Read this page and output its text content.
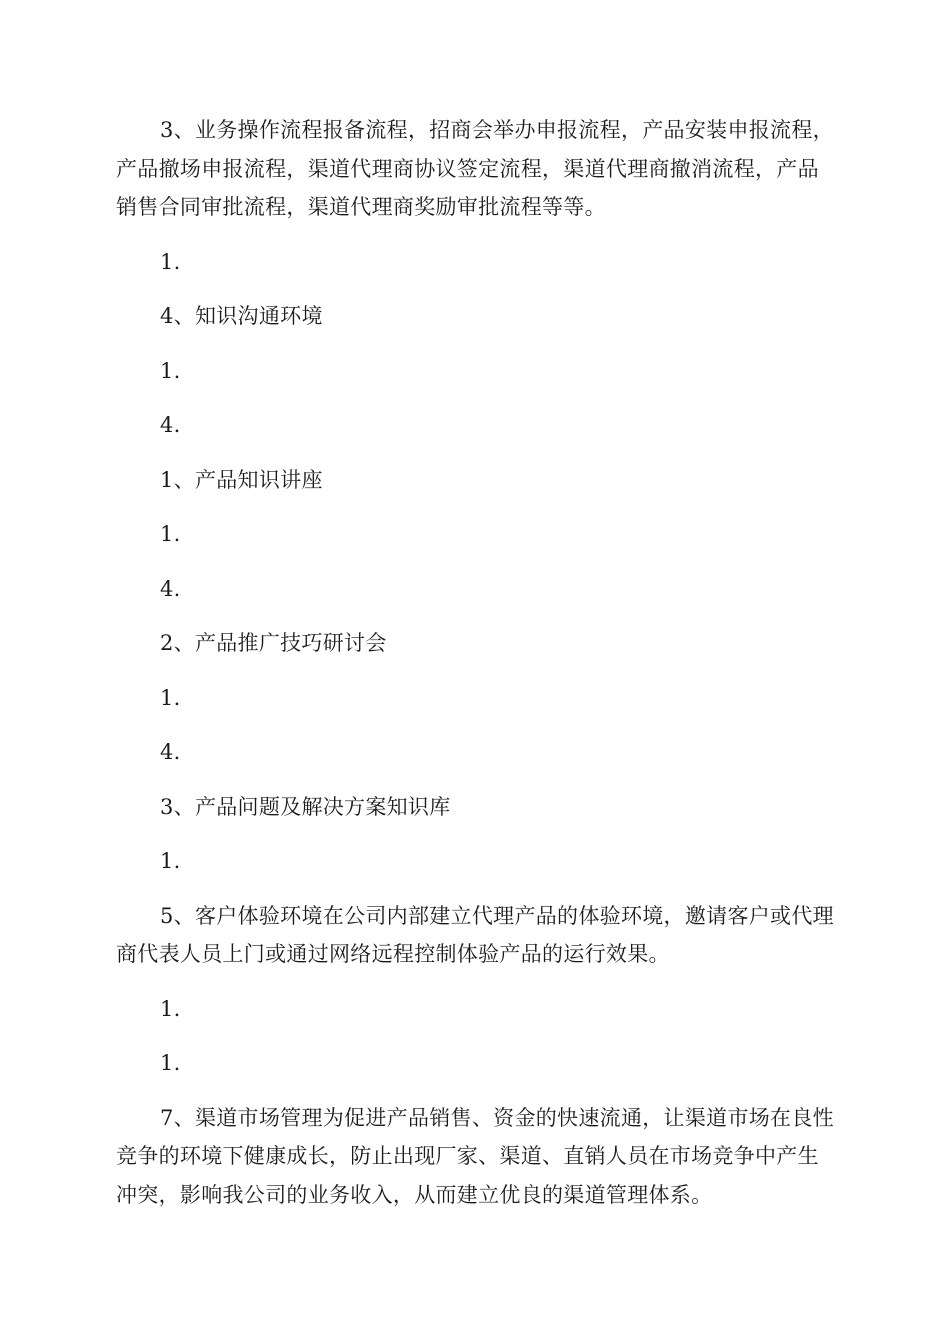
3、业务操作流程报备流程，招商会举办申报流程，产品安装申报流程，产品撤场申报流程，渠道代理商协议签定流程，渠道代理商撤消流程，产品销售合同审批流程，渠道代理商奖励审批流程等等。

1.

4、知识沟通环境

1.

4.

1、产品知识讲座

1.

4.

2、产品推广技巧研讨会

1.

4.

3、产品问题及解决方案知识库

1.

5、客户体验环境在公司内部建立代理产品的体验环境，邀请客户或代理商代表人员上门或通过网络远程控制体验产品的运行效果。

1.

1.

7、渠道市场管理为促进产品销售、资金的快速流通，让渠道市场在良性竞争的环境下健康成长，防止出现厂家、渠道、直销人员在市场竞争中产生冲突，影响我公司的业务收入，从而建立优良的渠道管理体系。
